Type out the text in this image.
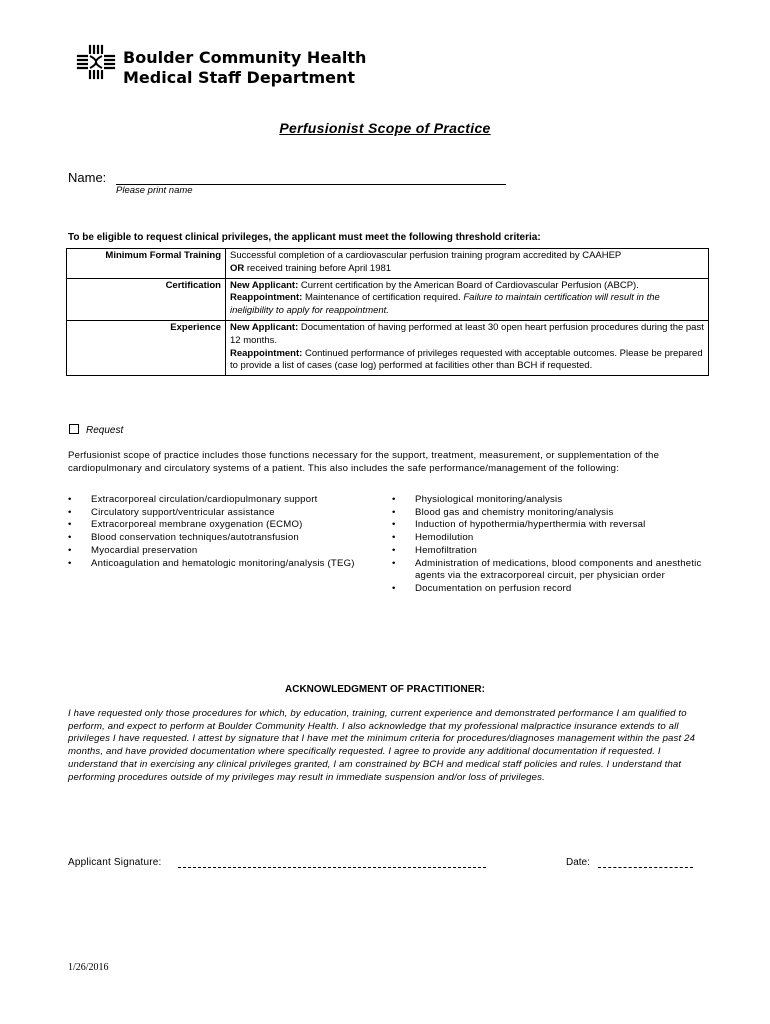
Boulder Community Health
Medical Staff Department
Perfusionist Scope of Practice
Name:
Please print name
To be eligible to request clinical privileges, the applicant must meet the following threshold criteria:
Minimum Formal Training	Successful completion of a cardiovascular perfusion training program accredited by CAAHEP
OR received training before April 1981
Certification	New Applicant: Current certification by the American Board of Cardiovascular Perfusion (ABCP).
Reappointment: Maintenance of certification required. Failure to maintain certification will result in the ineligibility to apply for reappointment.
Experience	New Applicant: Documentation of having performed at least 30 open heart perfusion procedures during the past 12 months.
Reappointment: Continued performance of privileges requested with acceptable outcomes. Please be prepared to provide a list of cases (case log) performed at facilities other than BCH if requested.
Request
Perfusionist scope of practice includes those functions necessary for the support, treatment, measurement, or supplementation of the cardiopulmonary and circulatory systems of a patient. This also includes the safe performance/management of the following:
• Extracorporeal circulation/cardiopulmonary support
• Circulatory support/ventricular assistance
• Extracorporeal membrane oxygenation (ECMO)
• Blood conservation techniques/autotransfusion
• Myocardial preservation
• Anticoagulation and hematologic monitoring/analysis (TEG)
• Physiological monitoring/analysis
• Blood gas and chemistry monitoring/analysis
• Induction of hypothermia/hyperthermia with reversal
• Hemodilution
• Hemofiltration
• Administration of medications, blood components and anesthetic agents via the extracorporeal circuit, per physician order
• Documentation on perfusion record
ACKNOWLEDGMENT OF PRACTITIONER:
I have requested only those procedures for which, by education, training, current experience and demonstrated performance I am qualified to perform, and expect to perform at Boulder Community Health. I also acknowledge that my professional malpractice insurance extends to all privileges I have requested. I attest by signature that I have met the minimum criteria for procedures/diagnoses management within the past 24 months, and have provided documentation where specifically requested. I agree to provide any additional documentation if requested. I understand that in exercising any clinical privileges granted, I am constrained by BCH and medical staff policies and rules. I understand that performing procedures outside of my privileges may result in immediate suspension and/or loss of privileges.
Applicant Signature:	Date:
1/26/2016
